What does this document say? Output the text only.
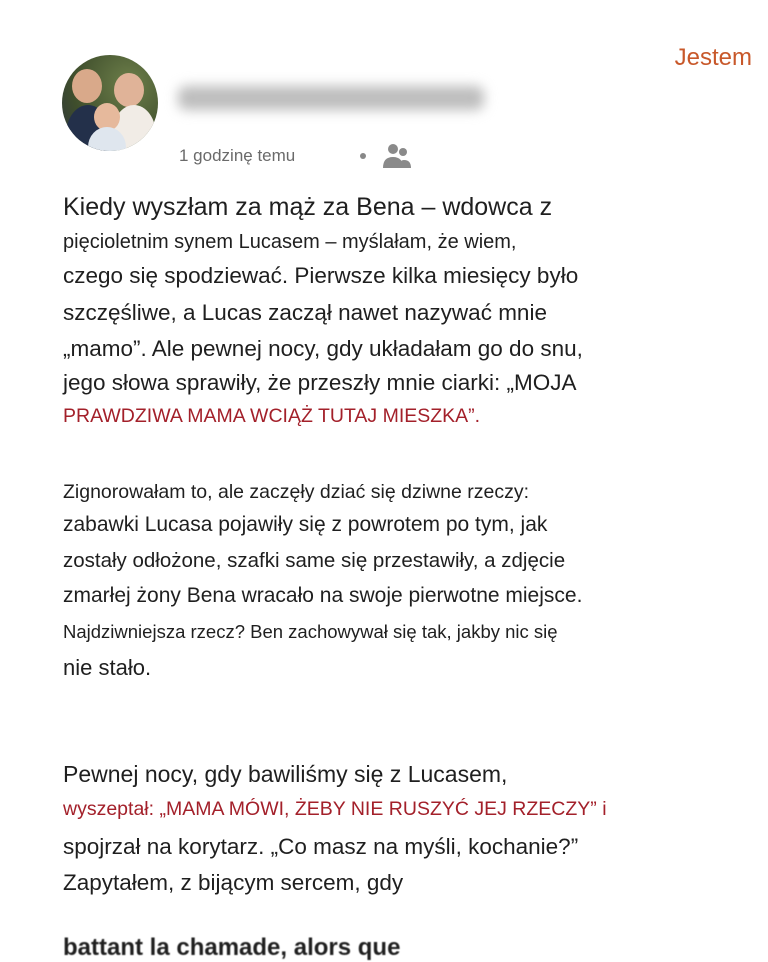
Jestem
1 godzinę temu
Kiedy wyszłam za mąż za Bena – wdowca z
pięcioletnim synem Lucasem – myślałam, że wiem,
czego się spodziewać. Pierwsze kilka miesięcy było
szczęśliwe, a Lucas zaczął nawet nazywać mnie
„mamo”. Ale pewnej nocy, gdy układałam go do snu,
jego słowa sprawiły, że przeszły mnie ciarki: „MOJA
PRAWDZIWA MAMA WCIĄŻ TUTAJ MIESZKA”.
Zignorowałam to, ale zaczęły dziać się dziwne rzeczy:
zabawki Lucasa pojawiły się z powrotem po tym, jak
zostały odłożone, szafki same się przestawiły, a zdjęcie
zmarłej żony Bena wracało na swoje pierwotne miejsce.
Najdziwniejsza rzecz? Ben zachowywał się tak, jakby nic się
nie stało.
Pewnej nocy, gdy bawiliśmy się z Lucasem,
wyszeptał: „MAMA MÓWI, ŻEBY NIE RUSZYĆ JEJ RZECZY” i
spojrzał na korytarz. „Co masz na myśli, kochanie?”
Zapytałem, z bijącym sercem, gdy
battant la chamade, alors que
